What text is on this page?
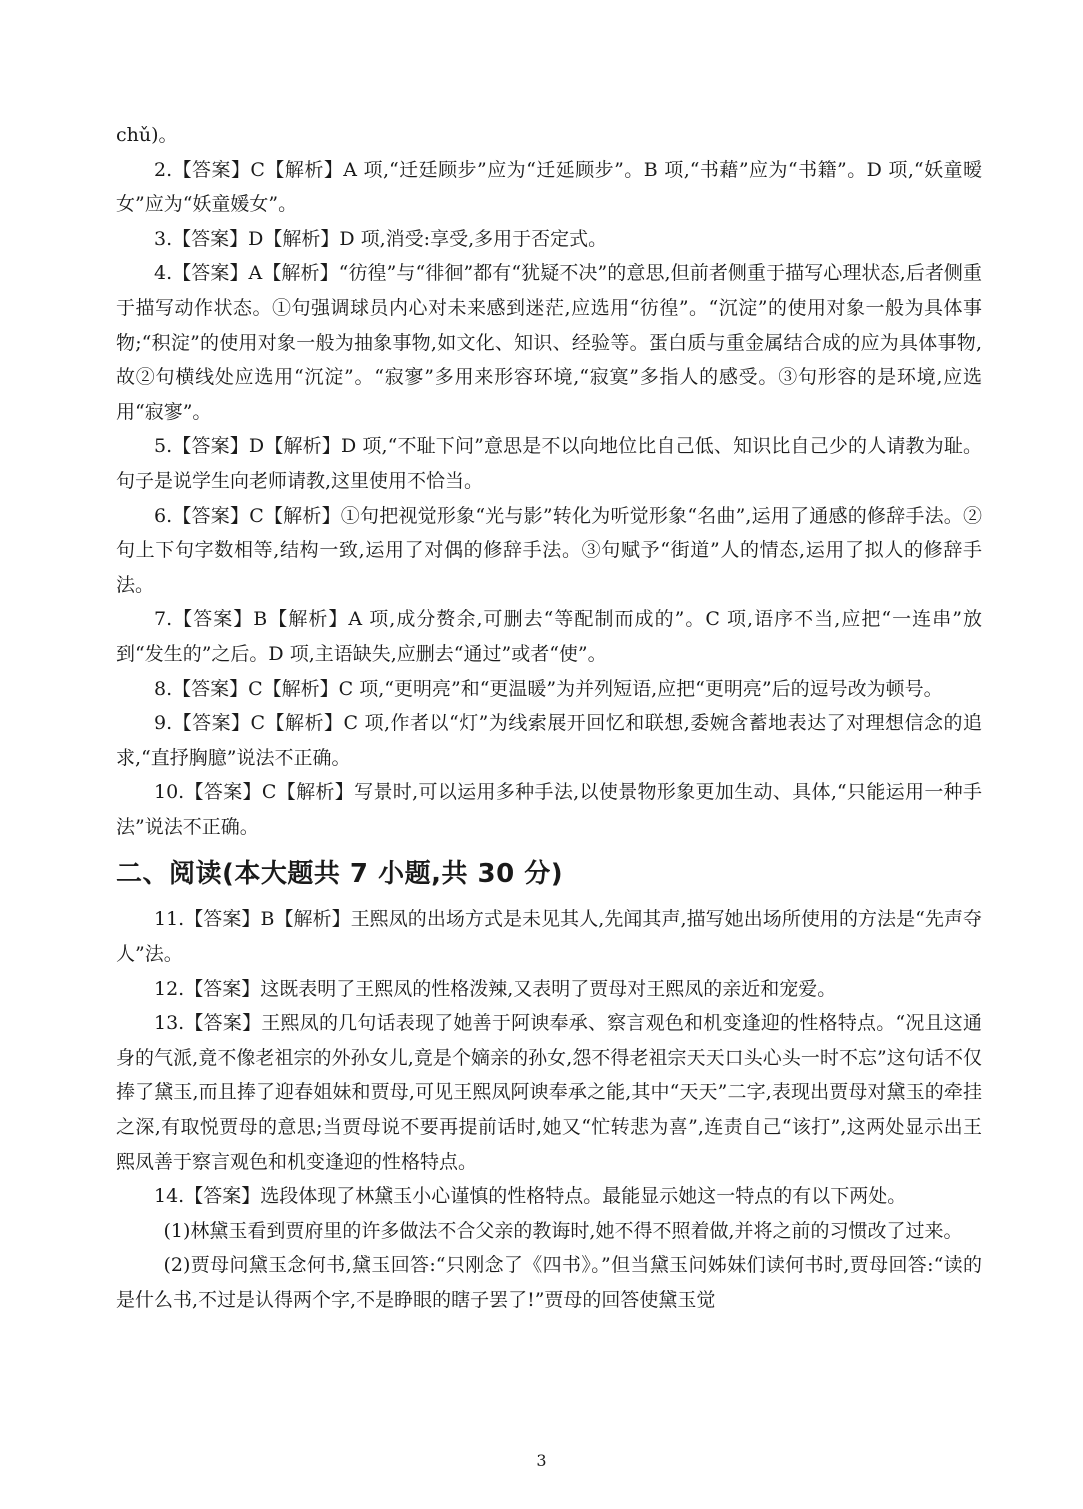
chǔ)。

2.【答案】C【解析】A 项,“迁廷顾步”应为“迁延顾步”。B 项,“书藉”应为“书籍”。D 项,“妖童暧女”应为“妖童媛女”。

3.【答案】D【解析】D 项,消受:享受,多用于否定式。

4.【答案】A【解析】“彷徨”与“徘徊”都有“犹疑不决”的意思,但前者侧重于描写心理状态,后者侧重于描写动作状态。①句强调球员内心对未来感到迷茫,应选用“彷徨”。“沉淀”的使用对象一般为具体事物;“积淀”的使用对象一般为抽象事物,如文化、知识、经验等。蛋白质与重金属结合成的应为具体事物,故②句横线处应选用“沉淀”。“寂寥”多用来形容环境,“寂寞”多指人的感受。③句形容的是环境,应选用“寂寥”。

5.【答案】D【解析】D 项,“不耻下问”意思是不以向地位比自己低、知识比自己少的人请教为耻。句子是说学生向老师请教,这里使用不恰当。

6.【答案】C【解析】①句把视觉形象“光与影”转化为听觉形象“名曲”,运用了通感的修辞手法。②句上下句字数相等,结构一致,运用了对偶的修辞手法。③句赋予“街道”人的情态,运用了拟人的修辞手法。

7.【答案】B【解析】A 项,成分赘余,可删去“等配制而成的”。C 项,语序不当,应把“一连串”放到“发生的”之后。D 项,主语缺失,应删去“通过”或者“使”。

8.【答案】C【解析】C 项,“更明亮”和“更温暖”为并列短语,应把“更明亮”后的逗号改为顿号。

9.【答案】C【解析】C 项,作者以“灯”为线索展开回忆和联想,委婉含蓄地表达了对理想信念的追求,“直抒胸臆”说法不正确。

10.【答案】C【解析】写景时,可以运用多种手法,以使景物形象更加生动、具体,“只能运用一种手法”说法不正确。

二、阅读(本大题共 7 小题,共 30 分)

11.【答案】B【解析】王熙凤的出场方式是未见其人,先闻其声,描写她出场所使用的方法是“先声夺人”法。

12.【答案】这既表明了王熙凤的性格泼辣,又表明了贾母对王熙凤的亲近和宠爱。

13.【答案】王熙凤的几句话表现了她善于阿谀奉承、察言观色和机变逢迎的性格特点。“况且这通身的气派,竟不像老祖宗的外孙女儿,竟是个嫡亲的孙女,怨不得老祖宗天天口头心头一时不忘”这句话不仅捧了黛玉,而且捧了迎春姐妹和贾母,可见王熙凤阿谀奉承之能,其中“天天”二字,表现出贾母对黛玉的牵挂之深,有取悦贾母的意思;当贾母说不要再提前话时,她又“忙转悲为喜”,连责自己“该打”,这两处显示出王熙凤善于察言观色和机变逢迎的性格特点。

14.【答案】选段体现了林黛玉小心谨慎的性格特点。最能显示她这一特点的有以下两处。

(1)林黛玉看到贾府里的许多做法不合父亲的教诲时,她不得不照着做,并将之前的习惯改了过来。

(2)贾母问黛玉念何书,黛玉回答:“只刚念了《四书》。”但当黛玉问姊妹们读何书时,贾母回答:“读的是什么书,不过是认得两个字,不是睁眼的瞎子罢了!”贾母的回答使黛玉觉

3
